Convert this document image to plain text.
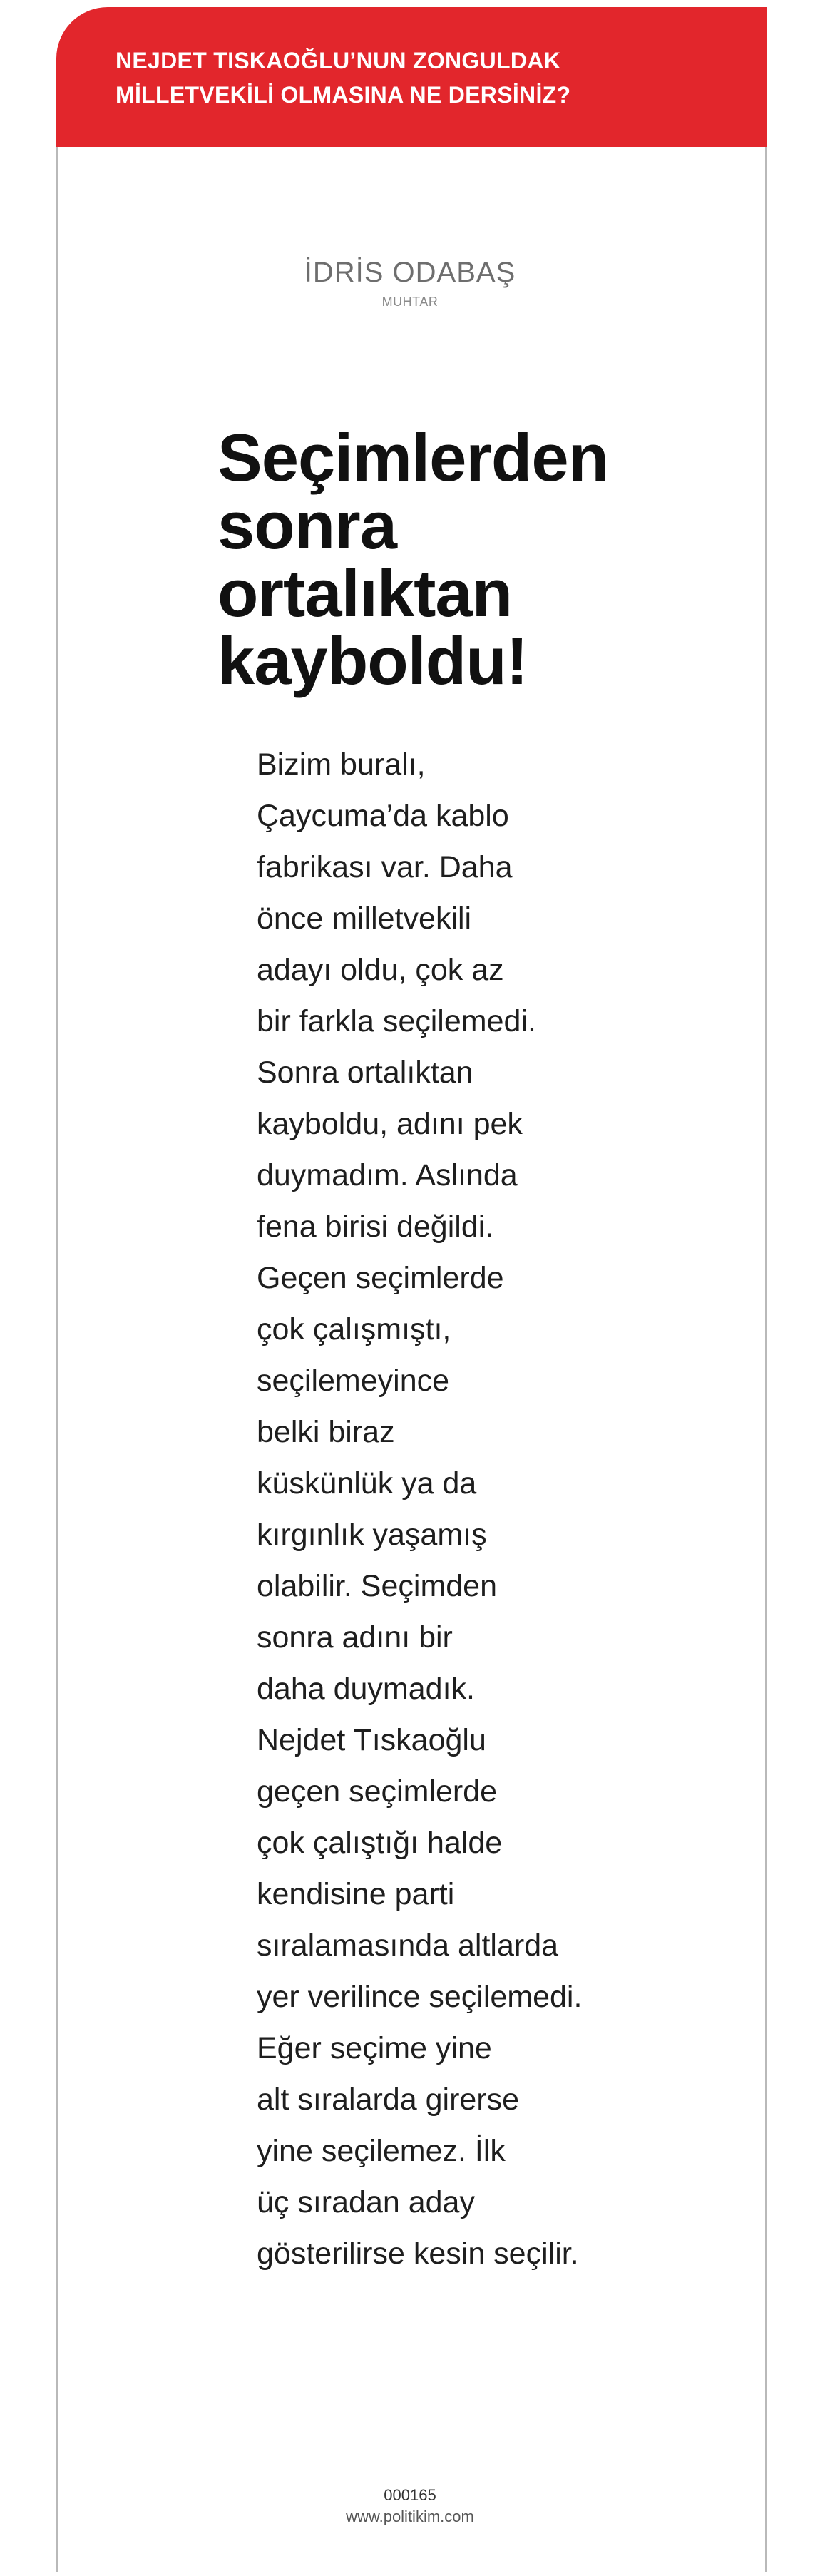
NEJDET TISKAOĞLU’NUN ZONGULDAK
MİLLETVEKİLİ OLMASINA NE DERSİNİZ?
İDRİS ODABAŞ
MUHTAR
Seçimlerden
sonra
ortalıktan
kayboldu!
Bizim buralı,
Çaycuma’da kablo
fabrikası var. Daha
önce milletvekili
adayı oldu, çok az
bir farkla seçilemedi.
Sonra ortalıktan
kayboldu, adını pek
duymadım. Aslında
fena birisi değildi.
Geçen seçimlerde
çok çalışmıştı,
seçilemeyince
belki biraz
küskünlük ya da
kırgınlık yaşamış
olabilir. Seçimden
sonra adını bir
daha duymadık.
Nejdet Tıskaoğlu
geçen seçimlerde
çok çalıştığı halde
kendisine parti
sıralamasında altlarda
yer verilince seçilemedi.
Eğer seçime yine
alt sıralarda girerse
yine seçilemez. İlk
üç sıradan aday
gösterilirse kesin seçilir.
000165
www.politikim.com
